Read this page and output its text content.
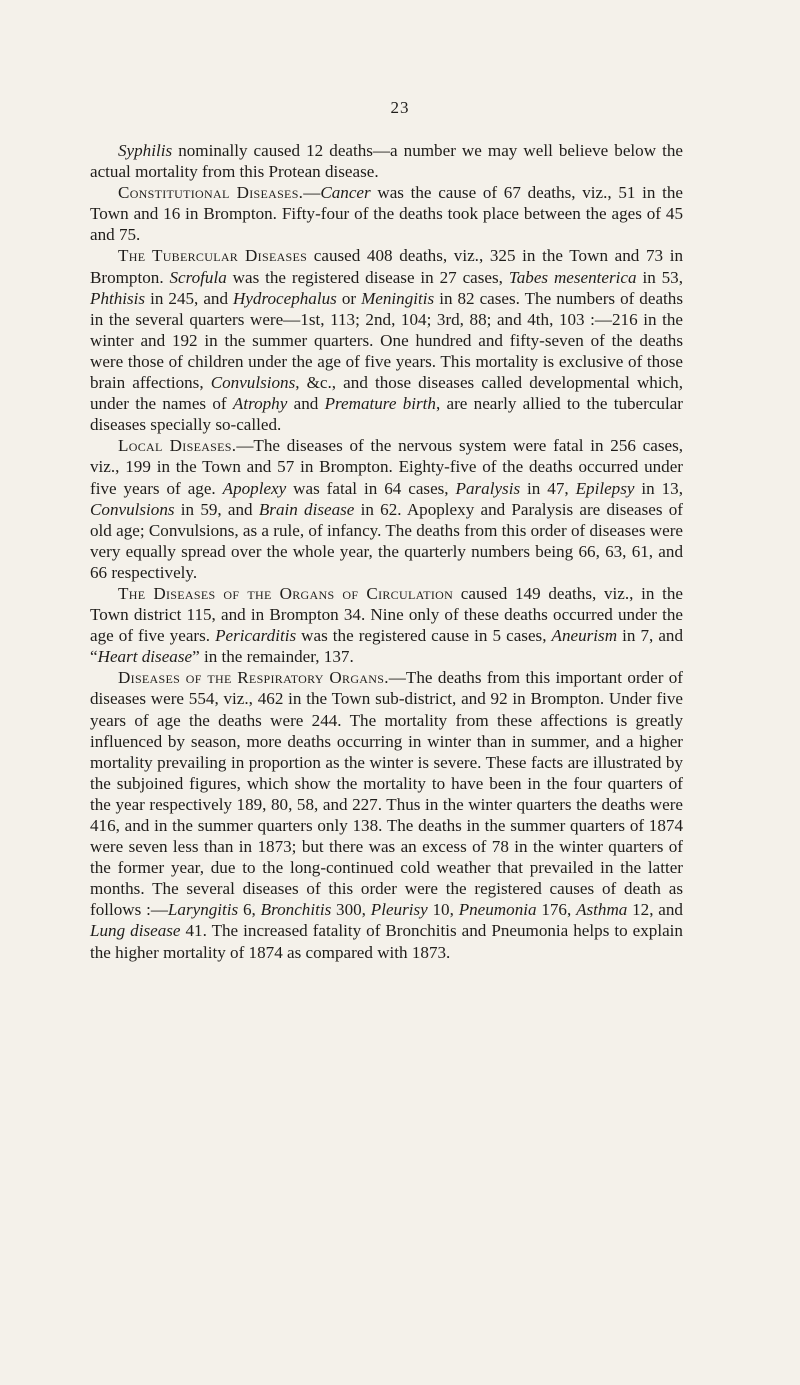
23

Syphilis nominally caused 12 deaths—a number we may well believe below the actual mortality from this Protean disease.

Constitutional Diseases.—Cancer was the cause of 67 deaths, viz., 51 in the Town and 16 in Brompton. Fifty-four of the deaths took place between the ages of 45 and 75.

The Tubercular Diseases caused 408 deaths, viz., 325 in the Town and 73 in Brompton. Scrofula was the registered disease in 27 cases, Tabes mesenterica in 53, Phthisis in 245, and Hydrocephalus or Meningitis in 82 cases. The numbers of deaths in the several quarters were—1st, 113; 2nd, 104; 3rd, 88; and 4th, 103 :—216 in the winter and 192 in the summer quarters. One hundred and fifty-seven of the deaths were those of children under the age of five years. This mortality is exclusive of those brain affections, Convulsions, &c., and those diseases called developmental which, under the names of Atrophy and Premature birth, are nearly allied to the tubercular diseases specially so-called.

Local Diseases.—The diseases of the nervous system were fatal in 256 cases, viz., 199 in the Town and 57 in Brompton. Eighty-five of the deaths occurred under five years of age. Apoplexy was fatal in 64 cases, Paralysis in 47, Epilepsy in 13, Convulsions in 59, and Brain disease in 62. Apoplexy and Paralysis are diseases of old age; Convulsions, as a rule, of infancy. The deaths from this order of diseases were very equally spread over the whole year, the quarterly numbers being 66, 63, 61, and 66 respectively.

The Diseases of the Organs of Circulation caused 149 deaths, viz., in the Town district 115, and in Brompton 34. Nine only of these deaths occurred under the age of five years. Pericarditis was the registered cause in 5 cases, Aneurism in 7, and “Heart disease” in the remainder, 137.

Diseases of the Respiratory Organs.—The deaths from this important order of diseases were 554, viz., 462 in the Town sub-district, and 92 in Brompton. Under five years of age the deaths were 244. The mortality from these affections is greatly influenced by season, more deaths occurring in winter than in summer, and a higher mortality prevailing in proportion as the winter is severe. These facts are illustrated by the subjoined figures, which show the mortality to have been in the four quarters of the year respectively 189, 80, 58, and 227. Thus in the winter quarters the deaths were 416, and in the summer quarters only 138. The deaths in the summer quarters of 1874 were seven less than in 1873; but there was an excess of 78 in the winter quarters of the former year, due to the long-continued cold weather that prevailed in the latter months. The several diseases of this order were the registered causes of death as follows :—Laryngitis 6, Bronchitis 300, Pleurisy 10, Pneumonia 176, Asthma 12, and Lung disease 41. The increased fatality of Bronchitis and Pneumonia helps to explain the higher mortality of 1874 as compared with 1873.
